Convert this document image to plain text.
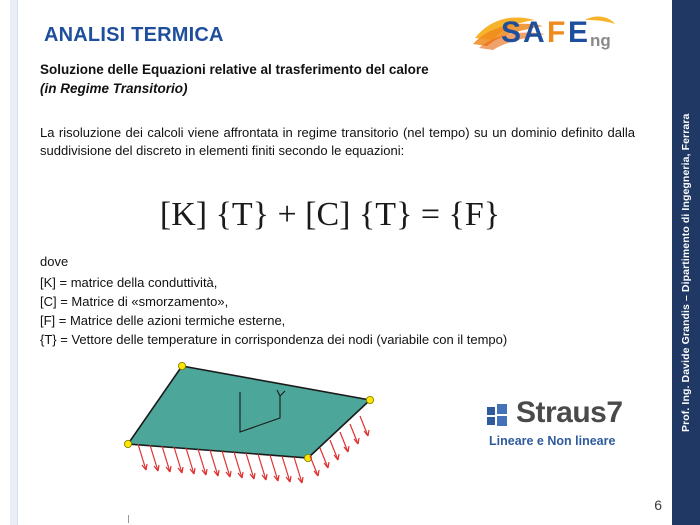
S A F E ng
ANALISI TERMICA
Soluzione delle Equazioni relative al trasferimento del calore
(in Regime Transitorio)
La risoluzione dei calcoli viene affrontata in regime transitorio (nel tempo) su un dominio definito dalla suddivisione del discreto in elementi finiti secondo le equazioni:
[K] {T} + [C] {T} = {F}
dove
[K] = matrice della conduttività,
[C] = Matrice di «smorzamento»,
[F] = Matrice delle azioni termiche esterne,
{T} = Vettore delle temperature in corrispondenza dei nodi (variabile con il tempo)
Straus7
Lineare e Non lineare
Prof. Ing. Davide Grandis – Dipartimento di Ingegneria, Ferrara
6
